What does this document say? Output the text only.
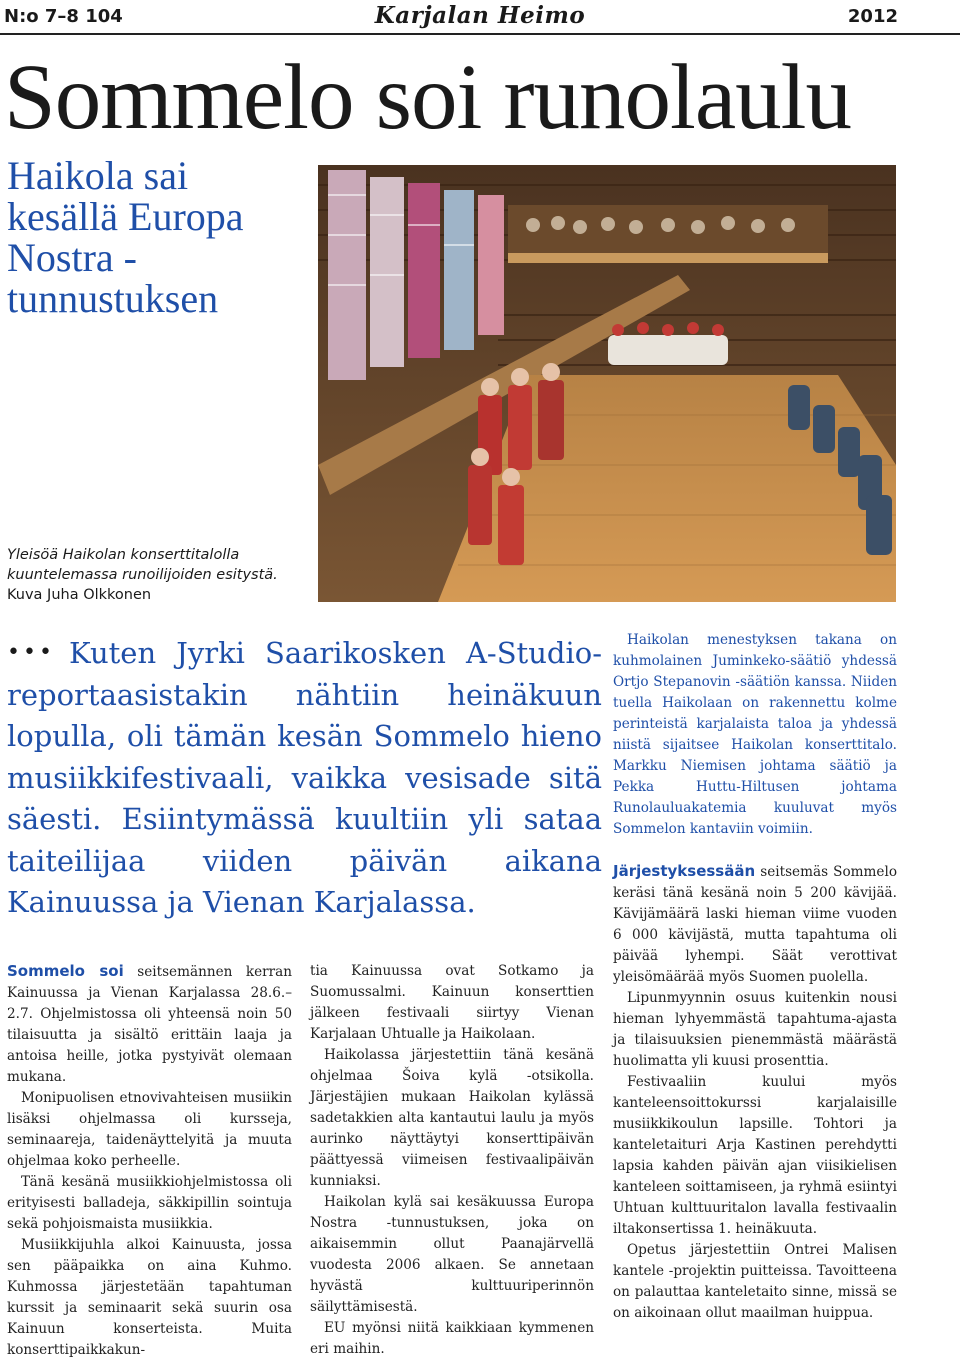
N:o 7–8 104	Karjalan Heimo	2012
Sommelo soi runolaulu
Haikola sai kesällä Europa Nostra -tunnustuksen
Yleisöä Haikolan konserttitalolla kuuntelemassa runoilijoiden esitystä.
Kuva Juha Olkkonen
••• Kuten Jyrki Saarikosken A-Studio-reportaasistakin nähtiin heinäkuun lopulla, oli tämän kesän Sommelo hieno musiikkifestivaali, vaikka vesisade sitä säesti. Esiintymässä kuultiin yli sataa taiteilijaa viiden päivän aikana Kainuussa ja Vienan Karjalassa.

Sommelo soi seitsemännen kerran Kainuussa ja Vienan Karjalassa 28.6.–2.7. Ohjelmistossa oli yhteensä noin 50 tilaisuutta ja sisältö erittäin laaja ja antoisa heille, jotka pystyivät olemaan mukana.

Monipuolisen etnovivahteisen musiikin lisäksi ohjelmassa oli kursseja, seminaareja, taidenäyttelyitä ja muuta ohjelmaa koko perheelle.

Tänä kesänä musiikkiohjelmistossa oli erityisesti balladeja, säkkipillin sointuja sekä pohjoismaista musiikkia.

Musiikkijuhla alkoi Kainuusta, jossa sen pääpaikka on aina Kuhmo. Kuhmossa järjestetään tapahtuman kurssit ja seminaarit sekä suurin osa Kainuun konserteista. Muita konserttipaikkakun-

tia Kainuussa ovat Sotkamo ja Suomussalmi. Kainuun konserttien jälkeen festivaali siirtyy Vienan Karjalaan Uhtualle ja Haikolaan.

Haikolassa järjestettiin tänä kesänä ohjelmaa Šoiva kylä -otsikolla. Järjestäjien mukaan Haikolan kylässä sadetakkien alta kantautui laulu ja myös aurinko näyttäytyi konserttipäivän päättyessä viimeisen festivaalipäivän kunniaksi.

Haikolan kylä sai kesäkuussa Europa Nostra -tunnustuksen, joka on aikaisemmin ollut Paanajärvellä vuodesta 2006 alkaen. Se annetaan hyvästä kulttuuriperinnön säilyttämisestä.

EU myönsi niitä kaikkiaan kymmenen eri maihin.

Haikolan menestyksen takana on kuhmolainen Juminkeko-säätiö yhdessä Ortjo Stepanovin -säätiön kanssa. Niiden tuella Haikolaan on rakennettu kolme perinteistä karjalaista taloa ja yhdessä niistä sijaitsee Haikolan konserttitalo. Markku Niemisen johtama säätiö ja Pekka Huttu-Hiltusen johtama Runolauluakatemia kuuluvat myös Sommelon kantaviin voimiin.

Järjestyksessään seitsemäs Sommelo keräsi tänä kesänä noin 5 200 kävijää. Kävijämäärä laski hieman viime vuoden 6 000 kävijästä, mutta tapahtuma oli päivää lyhempi. Säät verottivat yleisömäärää myös Suomen puolella.

Lipunmyynnin osuus kuitenkin nousi hieman lyhyemmästä tapahtuma-ajasta ja tilaisuuksien pienemmästä määrästä huolimatta yli kuusi prosenttia.

Festivaaliin kuului myös kanteleensoittokurssi karjalaisille musiikkikoulun lapsille. Tohtori ja kanteletaituri Arja Kastinen perehdytti lapsia kahden päivän ajan viisikielisen kanteleen soittamiseen, ja ryhmä esiintyi Uhtuan kulttuuritalon lavalla festivaalin iltakonsertissa 1. heinäkuuta.

Opetus järjestettiin Ontrei Malisen kantele -projektin puitteissa. Tavoitteena on palauttaa kanteletaito sinne, missä se on aikoinaan ollut maailman huippua.
